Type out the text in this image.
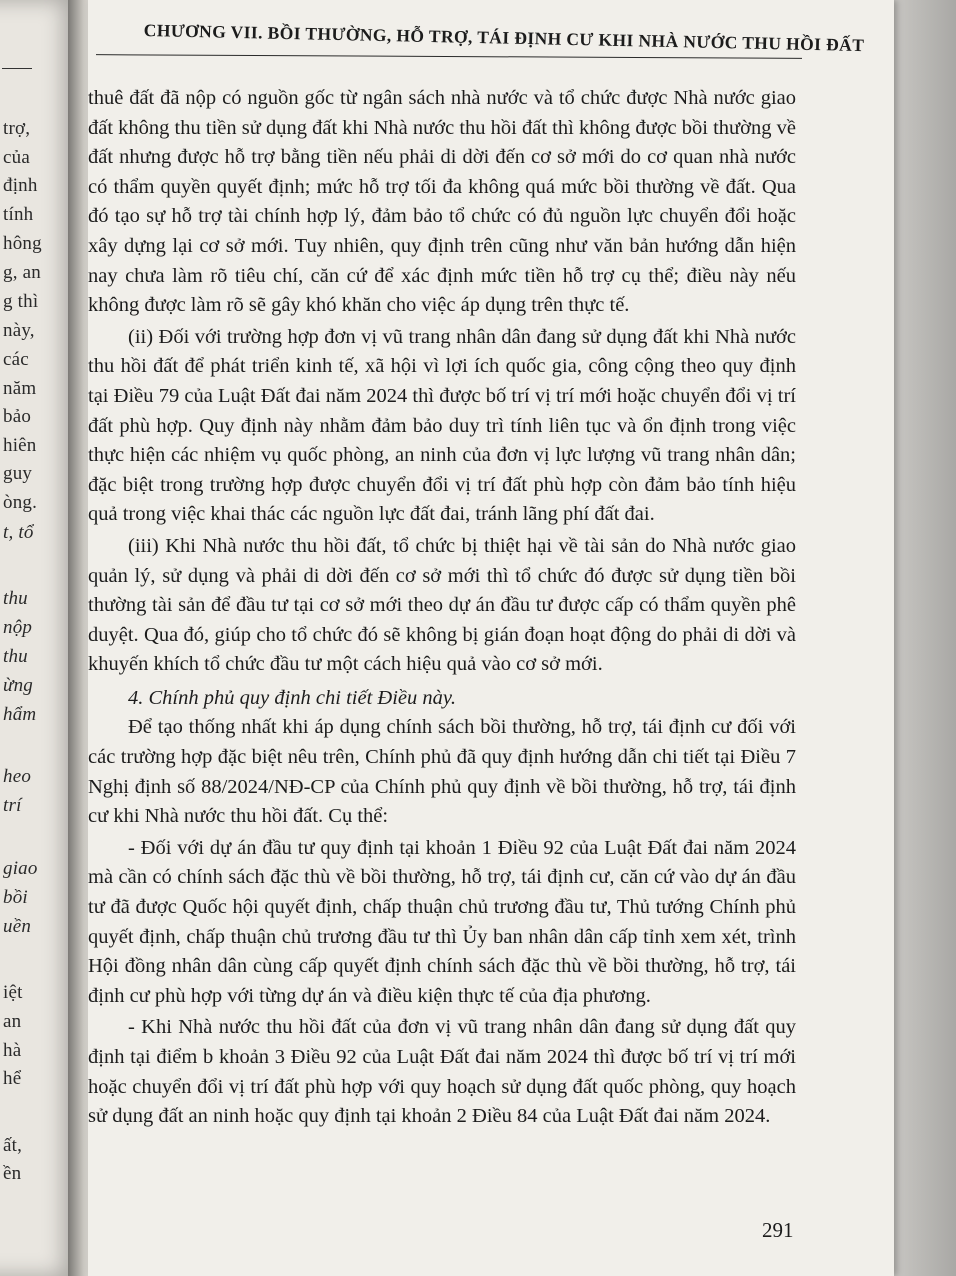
trợ,
của
định
tính
hông
g, an
g thì
này,
các
năm
bảo
hiên
guy
òng.
t, tổ
thu
nộp
thu
ừng
hẩm
heo
trí
giao
bồi
uền
iệt
an
hà
hể
ất,
ền
CHƯƠNG VII. BỒI THƯỜNG, HỖ TRỢ, TÁI ĐỊNH CƯ KHI NHÀ NƯỚC THU HỒI ĐẤT

thuê đất đã nộp có nguồn gốc từ ngân sách nhà nước và tổ chức được Nhà nước giao đất không thu tiền sử dụng đất khi Nhà nước thu hồi đất thì không được bồi thường về đất nhưng được hỗ trợ bằng tiền nếu phải di dời đến cơ sở mới do cơ quan nhà nước có thẩm quyền quyết định; mức hỗ trợ tối đa không quá mức bồi thường về đất. Qua đó tạo sự hỗ trợ tài chính hợp lý, đảm bảo tổ chức có đủ nguồn lực chuyển đổi hoặc xây dựng lại cơ sở mới. Tuy nhiên, quy định trên cũng như văn bản hướng dẫn hiện nay chưa làm rõ tiêu chí, căn cứ để xác định mức tiền hỗ trợ cụ thể; điều này nếu không được làm rõ sẽ gây khó khăn cho việc áp dụng trên thực tế.

(ii) Đối với trường hợp đơn vị vũ trang nhân dân đang sử dụng đất khi Nhà nước thu hồi đất để phát triển kinh tế, xã hội vì lợi ích quốc gia, công cộng theo quy định tại Điều 79 của Luật Đất đai năm 2024 thì được bố trí vị trí mới hoặc chuyển đổi vị trí đất phù hợp. Quy định này nhằm đảm bảo duy trì tính liên tục và ổn định trong việc thực hiện các nhiệm vụ quốc phòng, an ninh của đơn vị lực lượng vũ trang nhân dân; đặc biệt trong trường hợp được chuyển đổi vị trí đất phù hợp còn đảm bảo tính hiệu quả trong việc khai thác các nguồn lực đất đai, tránh lãng phí đất đai.

(iii) Khi Nhà nước thu hồi đất, tổ chức bị thiệt hại về tài sản do Nhà nước giao quản lý, sử dụng và phải di dời đến cơ sở mới thì tổ chức đó được sử dụng tiền bồi thường tài sản để đầu tư tại cơ sở mới theo dự án đầu tư được cấp có thẩm quyền phê duyệt. Qua đó, giúp cho tổ chức đó sẽ không bị gián đoạn hoạt động do phải di dời và khuyến khích tổ chức đầu tư một cách hiệu quả vào cơ sở mới.

4. Chính phủ quy định chi tiết Điều này.

Để tạo thống nhất khi áp dụng chính sách bồi thường, hỗ trợ, tái định cư đối với các trường hợp đặc biệt nêu trên, Chính phủ đã quy định hướng dẫn chi tiết tại Điều 7 Nghị định số 88/2024/NĐ-CP của Chính phủ quy định về bồi thường, hỗ trợ, tái định cư khi Nhà nước thu hồi đất. Cụ thể:

- Đối với dự án đầu tư quy định tại khoản 1 Điều 92 của Luật Đất đai năm 2024 mà cần có chính sách đặc thù về bồi thường, hỗ trợ, tái định cư, căn cứ vào dự án đầu tư đã được Quốc hội quyết định, chấp thuận chủ trương đầu tư, Thủ tướng Chính phủ quyết định, chấp thuận chủ trương đầu tư thì Ủy ban nhân dân cấp tỉnh xem xét, trình Hội đồng nhân dân cùng cấp quyết định chính sách đặc thù về bồi thường, hỗ trợ, tái định cư phù hợp với từng dự án và điều kiện thực tế của địa phương.

- Khi Nhà nước thu hồi đất của đơn vị vũ trang nhân dân đang sử dụng đất quy định tại điểm b khoản 3 Điều 92 của Luật Đất đai năm 2024 thì được bố trí vị trí mới hoặc chuyển đổi vị trí đất phù hợp với quy hoạch sử dụng đất quốc phòng, quy hoạch sử dụng đất an ninh hoặc quy định tại khoản 2 Điều 84 của Luật Đất đai năm 2024.

291
